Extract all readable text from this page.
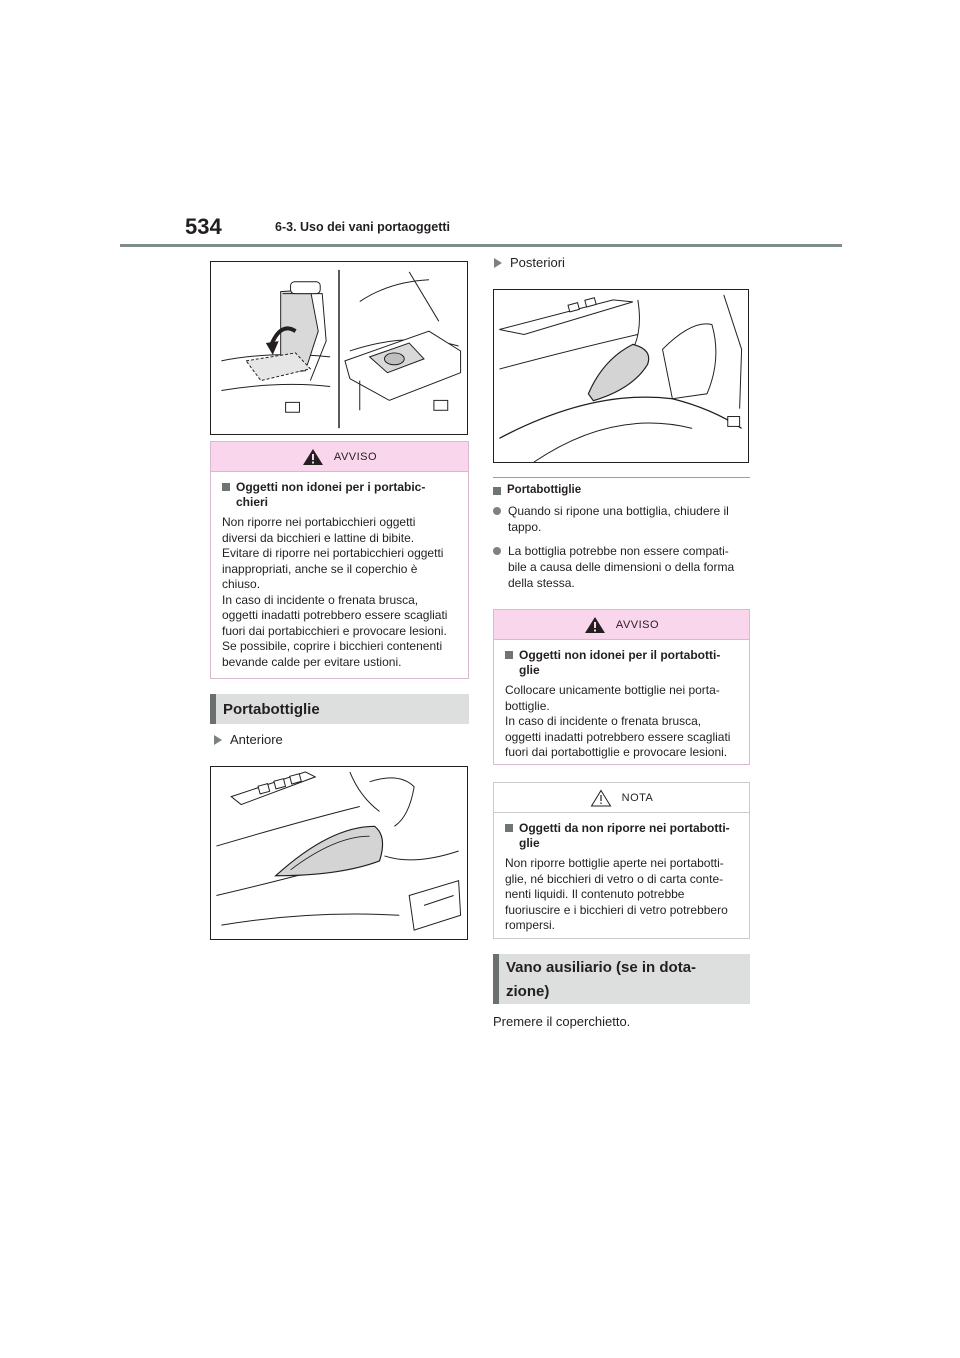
534	6-3. Uso dei vani portaoggetti
AVVISO
Oggetti non idonei per i portabic-
chieri
Non riporre nei portabicchieri oggetti
diversi da bicchieri e lattine di bibite.
Evitare di riporre nei portabicchieri oggetti
inappropriati, anche se il coperchio è
chiuso.
In caso di incidente o frenata brusca,
oggetti inadatti potrebbero essere scagliati
fuori dai portabicchieri e provocare lesioni.
Se possibile, coprire i bicchieri contenenti
bevande calde per evitare ustioni.
Portabottiglie
Anteriore
Posteriori
Portabottiglie
Quando si ripone una bottiglia, chiudere il
tappo.
La bottiglia potrebbe non essere compati-
bile a causa delle dimensioni o della forma
della stessa.
AVVISO
Oggetti non idonei per il portabotti-
glie
Collocare unicamente bottiglie nei porta-
bottiglie.
In caso di incidente o frenata brusca,
oggetti inadatti potrebbero essere scagliati
fuori dai portabottiglie e provocare lesioni.
NOTA
Oggetti da non riporre nei portabotti-
glie
Non riporre bottiglie aperte nei portabotti-
glie, né bicchieri di vetro o di carta conte-
nenti liquidi. Il contenuto potrebbe
fuoriuscire e i bicchieri di vetro potrebbero
rompersi.
Vano ausiliario (se in dota-
zione)
Premere il coperchietto.
